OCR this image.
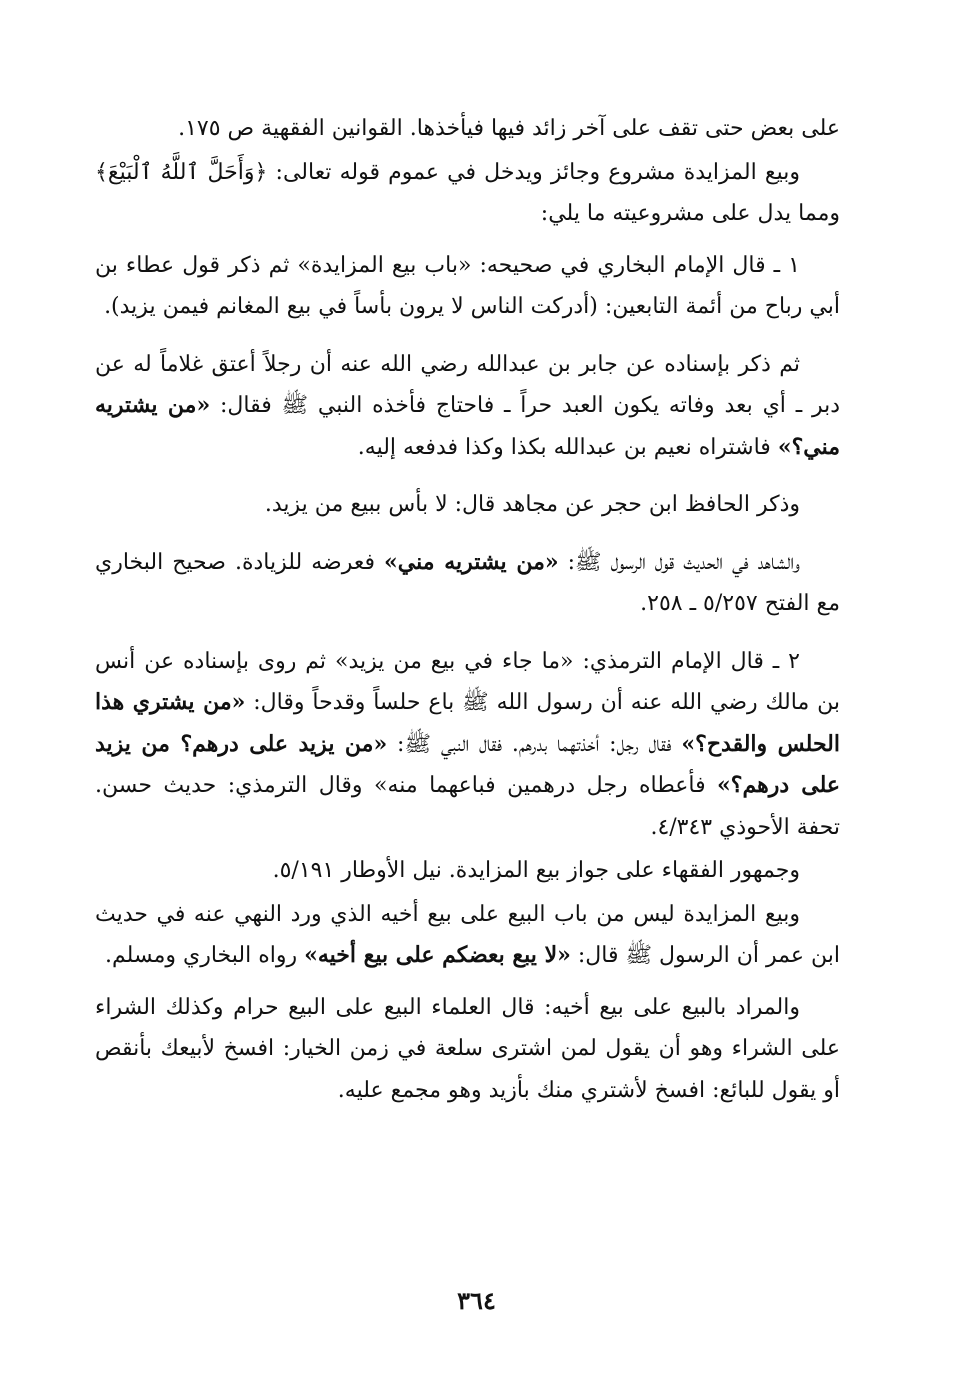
على بعض حتى تقف على آخر زائد فيها فيأخذها. القوانين الفقهية ص ١٧٥.

وبيع المزايدة مشروع وجائز ويدخل في عموم قوله تعالى: ﴿وَأَحَلَّ ٱللَّهُ ٱلْبَيْعَ﴾ ومما يدل على مشروعيته ما يلي:

١ ـ قال الإمام البخاري في صحيحه: «باب بيع المزايدة» ثم ذكر قول عطاء بن أبي رباح من أئمة التابعين: (أدركت الناس لا يرون بأساً في بيع المغانم فيمن يزيد).

ثم ذكر بإسناده عن جابر بن عبدالله رضي الله عنه أن رجلاً أعتق غلاماً له عن دبر ـ أي بعد وفاته يكون العبد حراً ـ فاحتاج فأخذه النبي ﷺ فقال: «من يشتريه مني؟» فاشتراه نعيم بن عبدالله بكذا وكذا فدفعه إليه.

وذكر الحافظ ابن حجر عن مجاهد قال: لا بأس ببيع من يزيد.

والشاهد في الحديث قول الرسول ﷺ: «من يشتريه مني» فعرضه للزيادة. صحيح البخاري مع الفتح ٥/٢٥٧ ـ ٢٥٨.

٢ ـ قال الإمام الترمذي: «ما جاء في بيع من يزيد» ثم روى بإسناده عن أنس بن مالك رضي الله عنه أن رسول الله ﷺ باع حلساً وقدحاً وقال: «من يشتري هذا الحلس والقدح؟» فقال رجل: أخذتهما بدرهم. فقال النبي ﷺ: «من يزيد على درهم؟ من يزيد على درهم؟» فأعطاه رجل درهمين فباعهما منه» وقال الترمذي: حديث حسن. تحفة الأحوذي ٤/٣٤٣.

وجمهور الفقهاء على جواز بيع المزايدة. نيل الأوطار ٥/١٩١.

وبيع المزايدة ليس من باب البيع على بيع أخيه الذي ورد النهي عنه في حديث ابن عمر أن الرسول ﷺ قال: «لا يبع بعضكم على بيع أخيه» رواه البخاري ومسلم.

والمراد بالبيع على بيع أخيه: قال العلماء البيع على البيع حرام وكذلك الشراء على الشراء وهو أن يقول لمن اشترى سلعة في زمن الخيار: افسخ لأبيعك بأنقص أو يقول للبائع: افسخ لأشتري منك بأزيد وهو مجمع عليه.

٣٦٤
